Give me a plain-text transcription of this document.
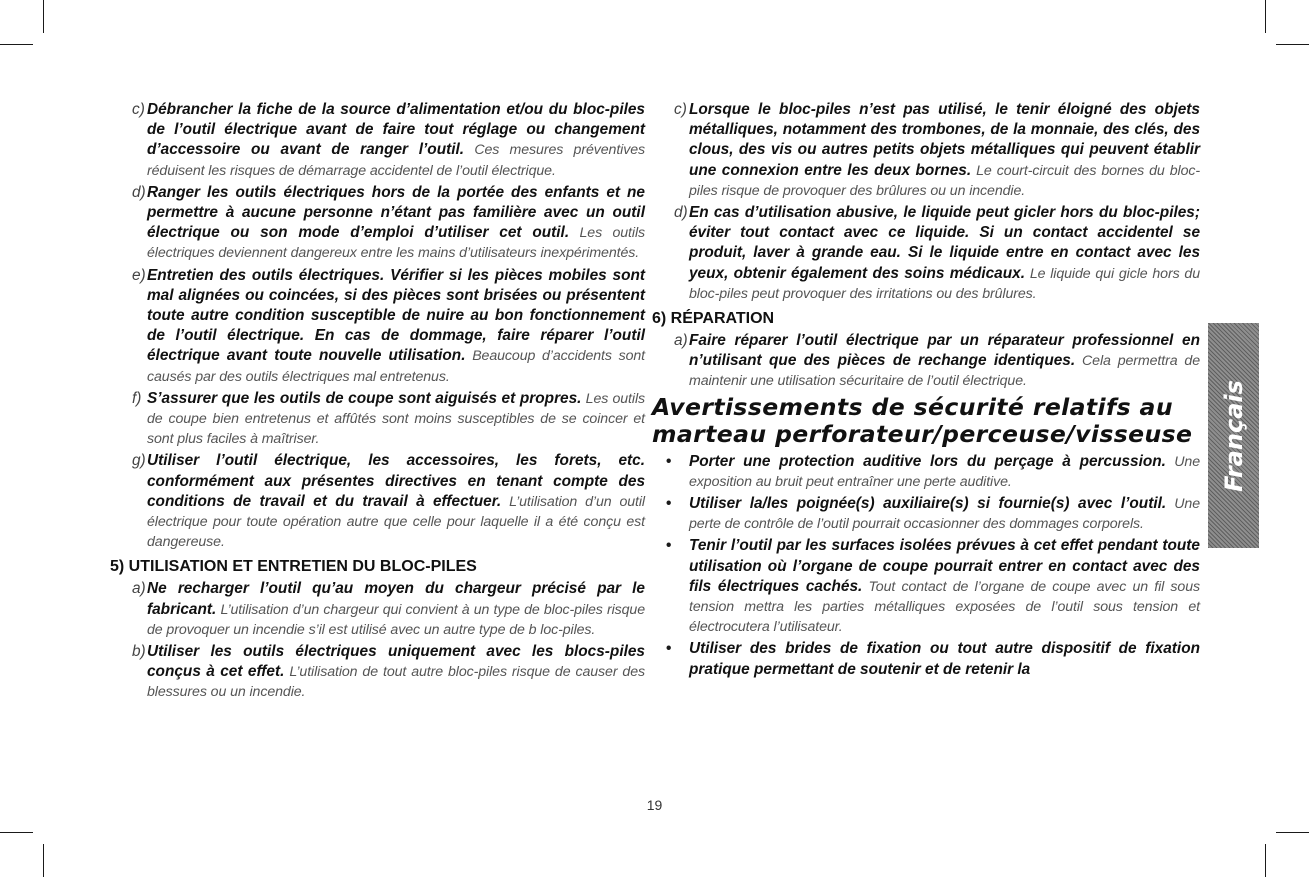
c) Débrancher la fiche de la source d’alimentation et/ou du bloc-piles de l’outil électrique avant de faire tout réglage ou changement d’accessoire ou avant de ranger l’outil. Ces mesures préventives réduisent les risques de démarrage accidentel de l’outil électrique.
d) Ranger les outils électriques hors de la portée des enfants et ne permettre à aucune personne n’étant pas familière avec un outil électrique ou son mode d’emploi d’utiliser cet outil. Les outils électriques deviennent dangereux entre les mains d’utilisateurs inexpérimentés.
e) Entretien des outils électriques. Vérifier si les pièces mobiles sont mal alignées ou coincées, si des pièces sont brisées ou présentent toute autre condition susceptible de nuire au bon fonctionnement de l’outil électrique. En cas de dommage, faire réparer l’outil électrique avant toute nouvelle utilisation. Beaucoup d’accidents sont causés par des outils électriques mal entretenus.
f) S’assurer que les outils de coupe sont aiguisés et propres. Les outils de coupe bien entretenus et affûtés sont moins susceptibles de se coincer et sont plus faciles à maîtriser.
g) Utiliser l’outil électrique, les accessoires, les forets, etc. conformément aux présentes directives en tenant compte des conditions de travail et du travail à effectuer. L’utilisation d’un outil électrique pour toute opération autre que celle pour laquelle il a été conçu est dangereuse.
5) UTILISATION ET ENTRETIEN DU BLOC-PILES
a) Ne recharger l’outil qu’au moyen du chargeur précisé par le fabricant. L’utilisation d’un chargeur qui convient à un type de bloc-piles risque de provoquer un incendie s’il est utilisé avec un autre type de b loc-piles.
b) Utiliser les outils électriques uniquement avec les blocs-piles conçus à cet effet. L’utilisation de tout autre bloc-piles risque de causer des blessures ou un incendie.
c) Lorsque le bloc-piles n’est pas utilisé, le tenir éloigné des objets métalliques, notamment des trombones, de la monnaie, des clés, des clous, des vis ou autres petits objets métalliques qui peuvent établir une connexion entre les deux bornes. Le court-circuit des bornes du bloc-piles risque de provoquer des brûlures ou un incendie.
d) En cas d’utilisation abusive, le liquide peut gicler hors du bloc-piles; éviter tout contact avec ce liquide. Si un contact accidentel se produit, laver à grande eau. Si le liquide entre en contact avec les yeux, obtenir également des soins médicaux. Le liquide qui gicle hors du bloc-piles peut provoquer des irritations ou des brûlures.
6) RÉPARATION
a) Faire réparer l’outil électrique par un réparateur professionnel en n’utilisant que des pièces de rechange identiques. Cela permettra de maintenir une utilisation sécuritaire de l’outil électrique.
Avertissements de sécurité relatifs au
marteau perforateur/perceuse/visseuse
• Porter une protection auditive lors du perçage à percussion. Une exposition au bruit peut entraîner une perte auditive.
• Utiliser la/les poignée(s) auxiliaire(s) si fournie(s) avec l’outil. Une perte de contrôle de l’outil pourrait occasionner des dommages corporels.
• Tenir l’outil par les surfaces isolées prévues à cet effet pendant toute utilisation où l’organe de coupe pourrait entrer en contact avec des fils électriques cachés. Tout contact de l’organe de coupe avec un fil sous tension mettra les parties métalliques exposées de l’outil sous tension et électrocutera l’utilisateur.
• Utiliser des brides de fixation ou tout autre dispositif de fixation pratique permettant de soutenir et de retenir la
Français
19
